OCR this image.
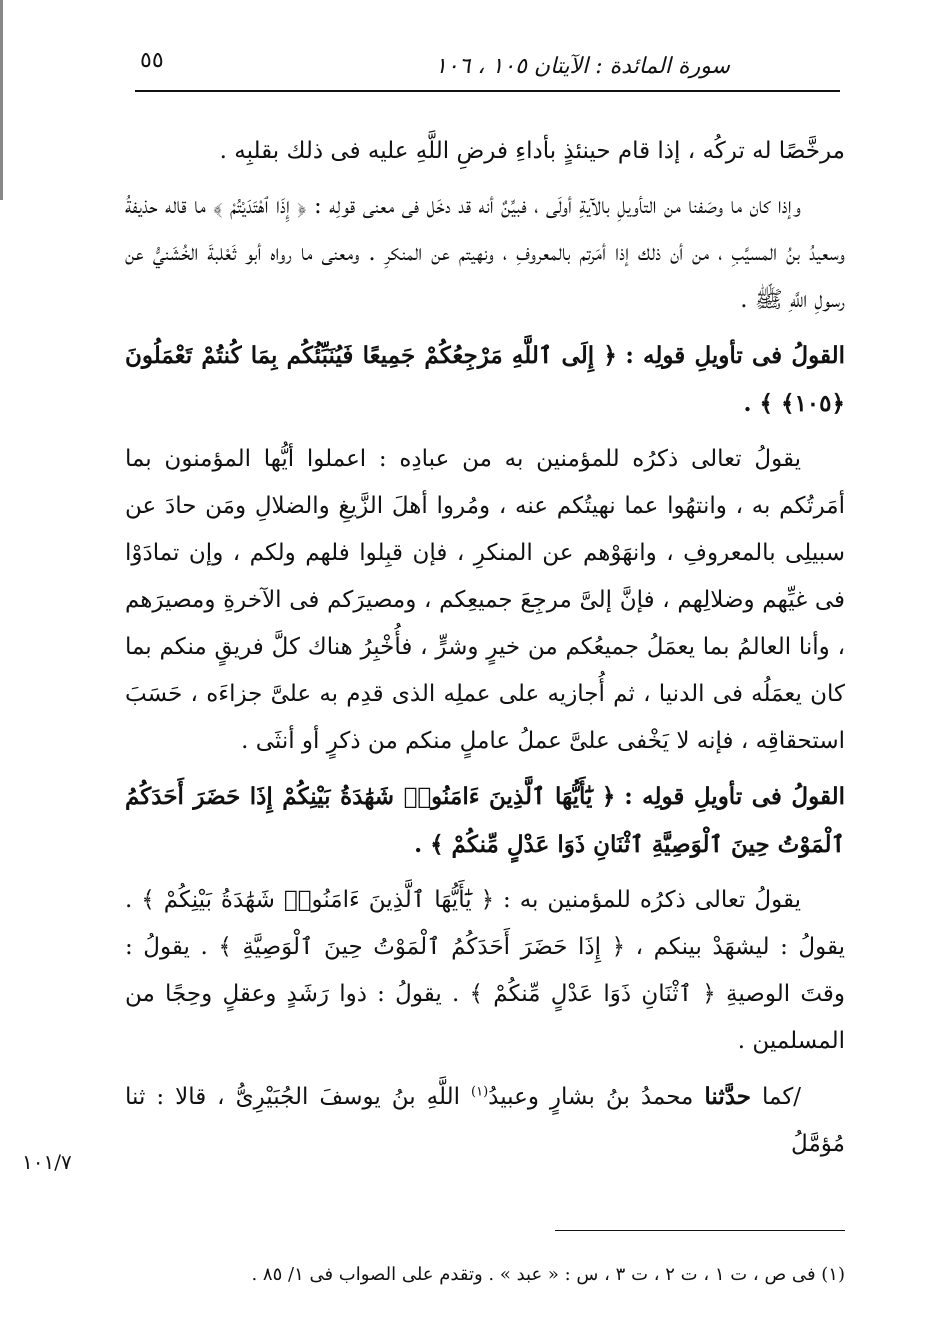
سورة المائدة : الآيتان ١٠٥ ، ١٠٦
٥٥

مرخَّصًا له تركُه ، إذا قام حينئذٍ بأداءِ فرضِ اللَّهِ عليه فى ذلك بقلبِه .

وإذا كان ما وصَفنا من التأويلِ بالآيةِ أولَى ، فبيِّنٌ أنه قد دخَل فى معنى قولِه : ﴿ إِذَا ٱهْتَدَيْتُمْ ﴾ ما قاله حذيفةُ وسعيدُ بنُ المسيَّبِ ، من أن ذلك إذا أمَرتم بالمعروفِ ، ونهيتم عن المنكرِ . ومعنى ما رواه أبو ثَعْلبةَ الخُشَنيُّ عن رسولِ اللَّهِ ﷺ .

القولُ فى تأويلِ قولِه : ﴿ إِلَى ٱللَّهِ مَرْجِعُكُمْ جَمِيعًا فَيُنَبِّئُكُم بِمَا كُنتُمْ تَعْمَلُونَ ﴿١٠٥﴾ ﴾ .

يقولُ تعالى ذكرُه للمؤمنين به من عبادِه : اعملوا أيُّها المؤمنون بما أمَرتُكم به ، وانتهُوا عما نهيتُكم عنه ، ومُروا أهلَ الزَّيغِ والضلالِ ومَن حادَ عن سبيلِى بالمعروفِ ، وانهَوْهم عن المنكرِ ، فإن قبِلوا فلهم ولكم ، وإن تمادَوْا فى غيِّهم وضلالِهم ، فإنَّ إلىَّ مرجِعَ جميعِكم ، ومصيرَكم فى الآخرةِ ومصيرَهم ، وأنا العالمُ بما يعمَلُ جميعُكم من خيرٍ وشرٍّ ، فأُخْبِرُ هناك كلَّ فريقٍ منكم بما كان يعمَلُه فى الدنيا ، ثم أُجازيه على عملِه الذى قدِم به علىَّ جزاءَه ، حَسَبَ استحقاقِه ، فإنه لا يَخْفى علىَّ عملُ عاملٍ منكم من ذكرٍ أو أنثَى .

القولُ فى تأويلِ قولِه : ﴿ يَٰٓأَيُّهَا ٱلَّذِينَ ءَامَنُوا۟ شَهَٰدَةُ بَيْنِكُمْ إِذَا حَضَرَ أَحَدَكُمُ ٱلْمَوْتُ حِينَ ٱلْوَصِيَّةِ ٱثْنَانِ ذَوَا عَدْلٍ مِّنكُمْ ﴾ .

يقولُ تعالى ذكرُه للمؤمنين به : ﴿ يَٰٓأَيُّهَا ٱلَّذِينَ ءَامَنُوا۟ شَهَٰدَةُ بَيْنِكُمْ ﴾ . يقولُ : ليشهَدْ بينكم ، ﴿ إِذَا حَضَرَ أَحَدَكُمُ ٱلْمَوْتُ حِينَ ٱلْوَصِيَّةِ ﴾ . يقولُ : وقتَ الوصيةِ ﴿ ٱثْنَانِ ذَوَا عَدْلٍ مِّنكُمْ ﴾ . يقولُ : ذوا رَشَدٍ وعقلٍ وحِجًا من المسلمين .

/كما حدَّثنا محمدُ بنُ بشارٍ وعبيدُ$^{(١)}$ اللَّهِ بنُ يوسفَ الجُبَيْرِىُّ ، قالا : ثنا مُؤمَّلُ

١٠١/٧
(١) فى ص ، ت ١ ، ت ٢ ، ت ٣ ، س : « عبد » . وتقدم على الصواب فى ١/ ٨٥ .
